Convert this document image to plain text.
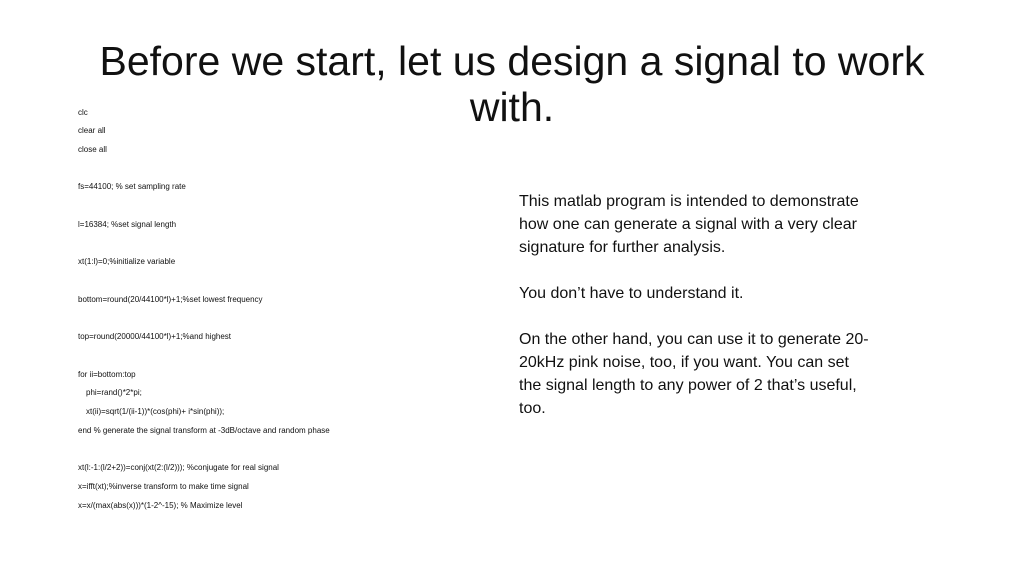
Before we start, let us design a signal to work with.
clc
clear all
close all
fs=44100; % set sampling rate
l=16384; %set signal length
xt(1:l)=0;%initialize variable
bottom=round(20/44100*l)+1;%set lowest frequency
top=round(20000/44100*l)+1;%and highest
for ii=bottom:top
phi=rand()*2*pi;
xt(ii)=sqrt(1/(ii-1))*(cos(phi)+ i*sin(phi));
end % generate the signal transform at -3dB/octave and random phase
xt(l:-1:(l/2+2))=conj(xt(2:(l/2))); %conjugate for real signal
x=ifft(xt);%inverse transform to make time signal
x=x/(max(abs(x)))*(1-2^-15); % Maximize level

This matlab program is intended to demonstrate how one can generate a signal with a very clear signature for further analysis.

You don’t have to understand it.

On the other hand, you can use it to generate 20-20kHz pink noise, too, if you want. You can set the signal length to any power of 2 that’s useful, too.
